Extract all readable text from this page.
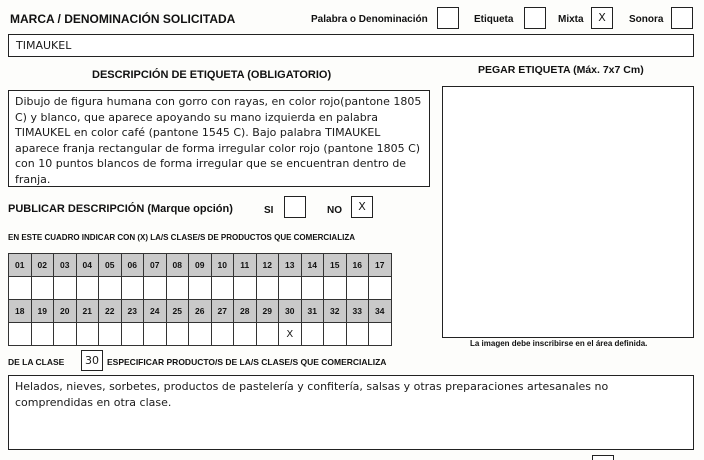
MARCA / DENOMINACIÓN SOLICITADA	Palabra o Denominación	Etiqueta	Mixta	X	Sonora
TIMAUKEL
DESCRIPCIÓN DE ETIQUETA (OBLIGATORIO)	PEGAR ETIQUETA (Máx. 7x7 Cm)
Dibujo de figura humana con gorro con rayas, en color rojo(pantone 1805 C) y blanco, que aparece apoyando su mano izquierda en palabra TIMAUKEL en color café (pantone 1545 C). Bajo palabra TIMAUKEL aparece franja rectangular de forma irregular color rojo (pantone 1805 C) con 10 puntos blancos de forma irregular que se encuentran dentro de franja.
La imagen debe inscribirse en el área definida.
PUBLICAR DESCRIPCIÓN (Marque opción)	SI	NO	X
EN ESTE CUADRO INDICAR CON (X) LA/S CLASE/S DE PRODUCTOS QUE COMERCIALIZA
01	02	03	04	05	06	07	08	09	10	11	12	13	14	15	16	17

18	19	20	21	22	23	24	25	26	27	28	29	30	31	32	33	34
												X				
DE LA CLASE	30 ESPECIFICAR PRODUCTO/S DE LA/S CLASE/S QUE COMERCIALIZA
Helados, nieves, sorbetes, productos de pastelería y confitería, salsas y otras preparaciones artesanales no comprendidas en otra clase.
